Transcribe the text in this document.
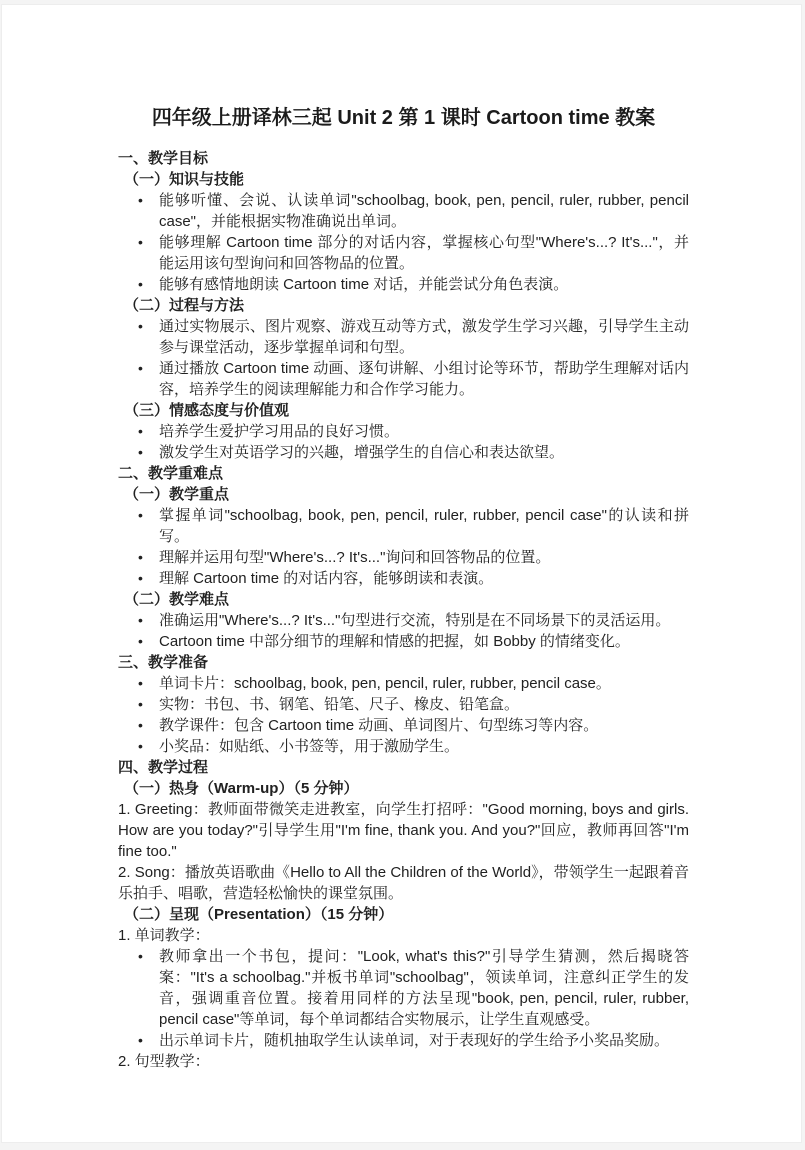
四年级上册译林三起 Unit 2 第 1 课时 Cartoon time 教案
一、教学目标
（一）知识与技能
• 能够听懂、会说、认读单词"schoolbag, book, pen, pencil, ruler, rubber, pencil case"，并能根据实物准确说出单词。
• 能够理解 Cartoon time 部分的对话内容，掌握核心句型"Where's...? It's..."，并能运用该句型询问和回答物品的位置。
• 能够有感情地朗读 Cartoon time 对话，并能尝试分角色表演。
（二）过程与方法
• 通过实物展示、图片观察、游戏互动等方式，激发学生学习兴趣，引导学生主动参与课堂活动，逐步掌握单词和句型。
• 通过播放 Cartoon time 动画、逐句讲解、小组讨论等环节，帮助学生理解对话内容，培养学生的阅读理解能力和合作学习能力。
（三）情感态度与价值观
• 培养学生爱护学习用品的良好习惯。
• 激发学生对英语学习的兴趣，增强学生的自信心和表达欲望。
二、教学重难点
（一）教学重点
• 掌握单词"schoolbag, book, pen, pencil, ruler, rubber, pencil case"的认读和拼写。
• 理解并运用句型"Where's...? It's..."询问和回答物品的位置。
• 理解 Cartoon time 的对话内容，能够朗读和表演。
（二）教学难点
• 准确运用"Where's...? It's..."句型进行交流，特别是在不同场景下的灵活运用。
• Cartoon time 中部分细节的理解和情感的把握，如 Bobby 的情绪变化。
三、教学准备
• 单词卡片：schoolbag, book, pen, pencil, ruler, rubber, pencil case。
• 实物：书包、书、钢笔、铅笔、尺子、橡皮、铅笔盒。
• 教学课件：包含 Cartoon time 动画、单词图片、句型练习等内容。
• 小奖品：如贴纸、小书签等，用于激励学生。
四、教学过程
（一）热身（Warm-up）（5 分钟）
1. Greeting：教师面带微笑走进教室，向学生打招呼："Good morning, boys and girls. How are you today?"引导学生用"I'm fine, thank you. And you?"回应，教师再回答"I'm fine too."
2. Song：播放英语歌曲《Hello to All the Children of the World》，带领学生一起跟着音乐拍手、唱歌，营造轻松愉快的课堂氛围。
（二）呈现（Presentation）（15 分钟）
1. 单词教学：
• 教师拿出一个书包，提问："Look, what's this?"引导学生猜测，然后揭晓答案："It's a schoolbag."并板书单词"schoolbag"，领读单词，注意纠正学生的发音，强调重音位置。接着用同样的方法呈现"book, pen, pencil, ruler, rubber, pencil case"等单词，每个单词都结合实物展示，让学生直观感受。
• 出示单词卡片，随机抽取学生认读单词，对于表现好的学生给予小奖品奖励。
2. 句型教学：
